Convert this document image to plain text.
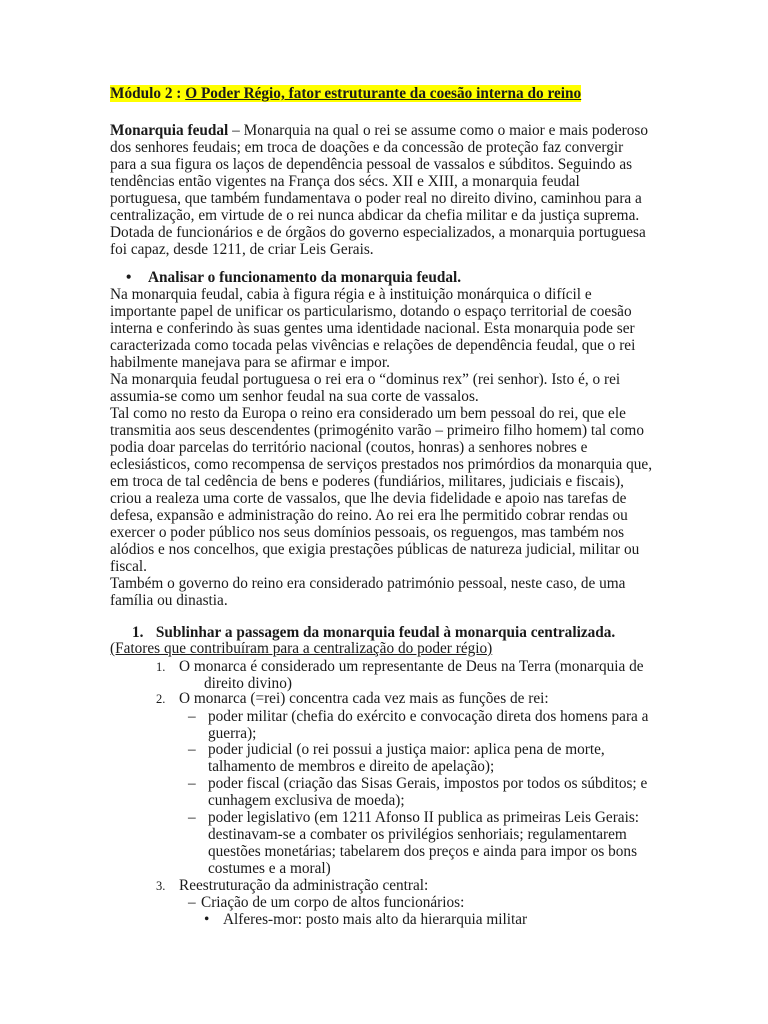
Módulo 2 : O Poder Régio, fator estruturante da coesão interna do reino
Monarquia feudal – Monarquia na qual o rei se assume como o maior e mais poderoso
dos senhores feudais; em troca de doações e da concessão de proteção faz convergir
para a sua figura os laços de dependência pessoal de vassalos e súbditos. Seguindo as
tendências então vigentes na França dos sécs. XII e XIII, a monarquia feudal
portuguesa, que também fundamentava o poder real no direito divino, caminhou para a
centralização, em virtude de o rei nunca abdicar da chefia militar e da justiça suprema.
Dotada de funcionários e de órgãos do governo especializados, a monarquia portuguesa
foi capaz, desde 1211, de criar Leis Gerais.
• Analisar o funcionamento da monarquia feudal.
Na monarquia feudal, cabia à figura régia e à instituição monárquica o difícil e
importante papel de unificar os particularismo, dotando o espaço territorial de coesão
interna e conferindo às suas gentes uma identidade nacional. Esta monarquia pode ser
caracterizada como tocada pelas vivências e relações de dependência feudal, que o rei
habilmente manejava para se afirmar e impor.
Na monarquia feudal portuguesa o rei era o “dominus rex” (rei senhor). Isto é, o rei
assumia-se como um senhor feudal na sua corte de vassalos.
Tal como no resto da Europa o reino era considerado um bem pessoal do rei, que ele
transmitia aos seus descendentes (primogénito varão – primeiro filho homem) tal como
podia doar parcelas do território nacional (coutos, honras) a senhores nobres e
eclesiásticos, como recompensa de serviços prestados nos primórdios da monarquia que,
em troca de tal cedência de bens e poderes (fundiários, militares, judiciais e fiscais),
criou a realeza uma corte de vassalos, que lhe devia fidelidade e apoio nas tarefas de
defesa, expansão e administração do reino. Ao rei era lhe permitido cobrar rendas ou
exercer o poder público nos seus domínios pessoais, os reguengos, mas também nos
alódios e nos concelhos, que exigia prestações públicas de natureza judicial, militar ou
fiscal.
Também o governo do reino era considerado património pessoal, neste caso, de uma
família ou dinastia.
1. Sublinhar a passagem da monarquia feudal à monarquia centralizada.
(Fatores que contribuíram para a centralização do poder régio)
1. O monarca é considerado um representante de Deus na Terra (monarquia de
direito divino)
2. O monarca (=rei) concentra cada vez mais as funções de rei:
– poder militar (chefia do exército e convocação direta dos homens para a
guerra);
– poder judicial (o rei possui a justiça maior: aplica pena de morte,
talhamento de membros e direito de apelação);
– poder fiscal (criação das Sisas Gerais, impostos por todos os súbditos; e
cunhagem exclusiva de moeda);
– poder legislativo (em 1211 Afonso II publica as primeiras Leis Gerais:
destinavam-se a combater os privilégios senhoriais; regulamentarem
questões monetárias; tabelarem dos preços e ainda para impor os bons
costumes e a moral)
3. Reestruturação da administração central:
– Criação de um corpo de altos funcionários:
• Alferes-mor: posto mais alto da hierarquia militar
